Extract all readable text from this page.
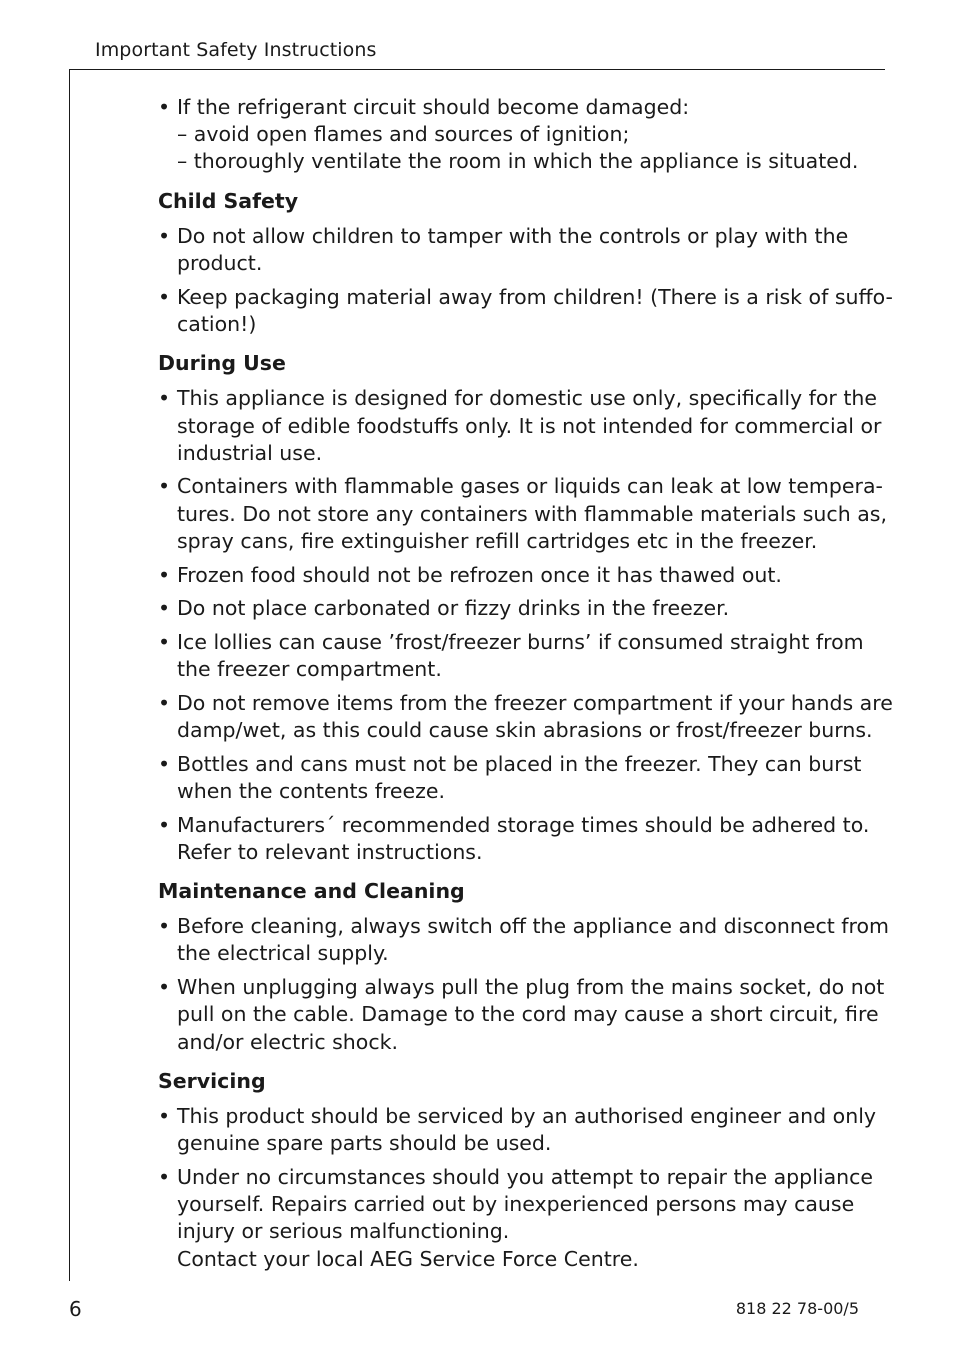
Important Safety Instructions
• If the refrigerant circuit should become damaged:
– avoid open flames and sources of ignition;
– thoroughly ventilate the room in which the appliance is situated.
Child Safety
• Do not allow children to tamper with the controls or play with the
product.
• Keep packaging material away from children! (There is a risk of suffo-
cation!)
During Use
• This appliance is designed for domestic use only, specifically for the
storage of edible foodstuffs only. It is not intended for commercial or
industrial use.
• Containers with flammable gases or liquids can leak at low tempera-
tures. Do not store any containers with flammable materials such as,
spray cans, fire extinguisher refill cartridges etc in the freezer.
• Frozen food should not be refrozen once it has thawed out.
• Do not place carbonated or fizzy drinks in the freezer.
• Ice lollies can cause ’frost/freezer burns’ if consumed straight from
the freezer compartment.
• Do not remove items from the freezer compartment if your hands are
damp/wet, as this could cause skin abrasions or frost/freezer burns.
• Bottles and cans must not be placed in the freezer. They can burst
when the contents freeze.
• Manufacturers´ recommended storage times should be adhered to.
Refer to relevant instructions.
Maintenance and Cleaning
• Before cleaning, always switch off the appliance and disconnect from
the electrical supply.
• When unplugging always pull the plug from the mains socket, do not
pull on the cable. Damage to the cord may cause a short circuit, fire
and/or electric shock.
Servicing
• This product should be serviced by an authorised engineer and only
genuine spare parts should be used.
• Under no circumstances should you attempt to repair the appliance
yourself. Repairs carried out by inexperienced persons may cause
injury or serious malfunctioning.
Contact your local AEG Service Force Centre.
6	818 22 78-00/5
